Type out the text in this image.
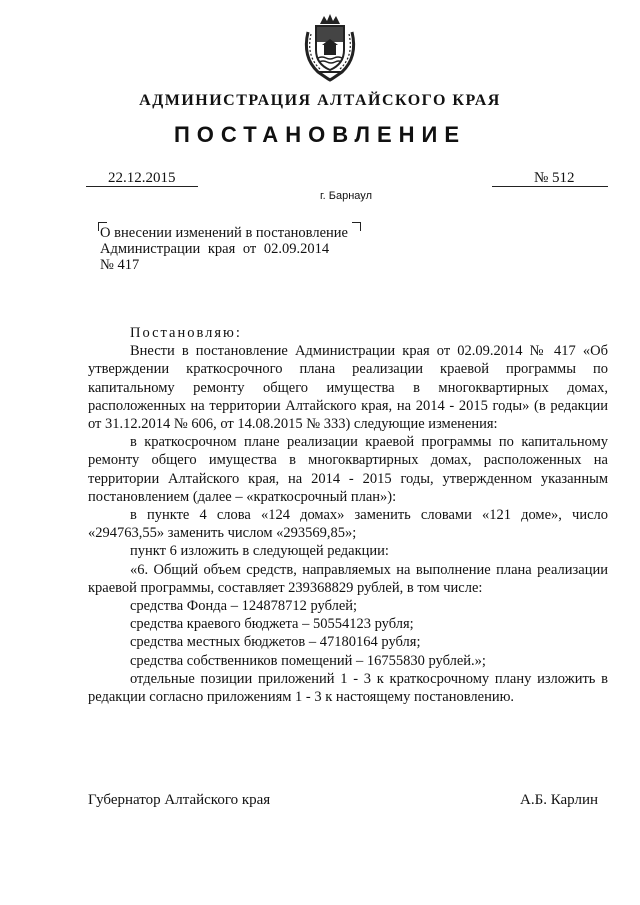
АДМИНИСТРАЦИЯ АЛТАЙСКОГО КРАЯ
ПОСТАНОВЛЕНИЕ
22.12.2015	№ 512
г. Барнаул
О внесении изменений в постановление
Администрации края от 02.09.2014
№ 417

Постановляю:

Внести в постановление Администрации края от 02.09.2014 № 417 «Об утверждении краткосрочного плана реализации краевой программы по капитальному ремонту общего имущества в многоквартирных домах, расположенных на территории Алтайского края, на 2014 - 2015 годы» (в редакции от 31.12.2014 № 606, от 14.08.2015 № 333) следующие изменения:

в краткосрочном плане реализации краевой программы по капитальному ремонту общего имущества в многоквартирных домах, расположенных на территории Алтайского края, на 2014 - 2015 годы, утвержденном указанным постановлением (далее – «краткосрочный план»):

в пункте 4 слова «124 домах» заменить словами «121 доме», число «294763,55» заменить числом «293569,85»;

пункт 6 изложить в следующей редакции:

«6. Общий объем средств, направляемых на выполнение плана реализации краевой программы, составляет 239368829 рублей, в том числе:

средства Фонда – 124878712 рублей;

средства краевого бюджета – 50554123 рубля;

средства местных бюджетов – 47180164 рубля;

средства собственников помещений – 16755830 рублей.»;

отдельные позиции приложений 1 - 3 к краткосрочному плану изложить в редакции согласно приложениям 1 - 3 к настоящему постановлению.

Губернатор Алтайского края	А.Б. Карлин
